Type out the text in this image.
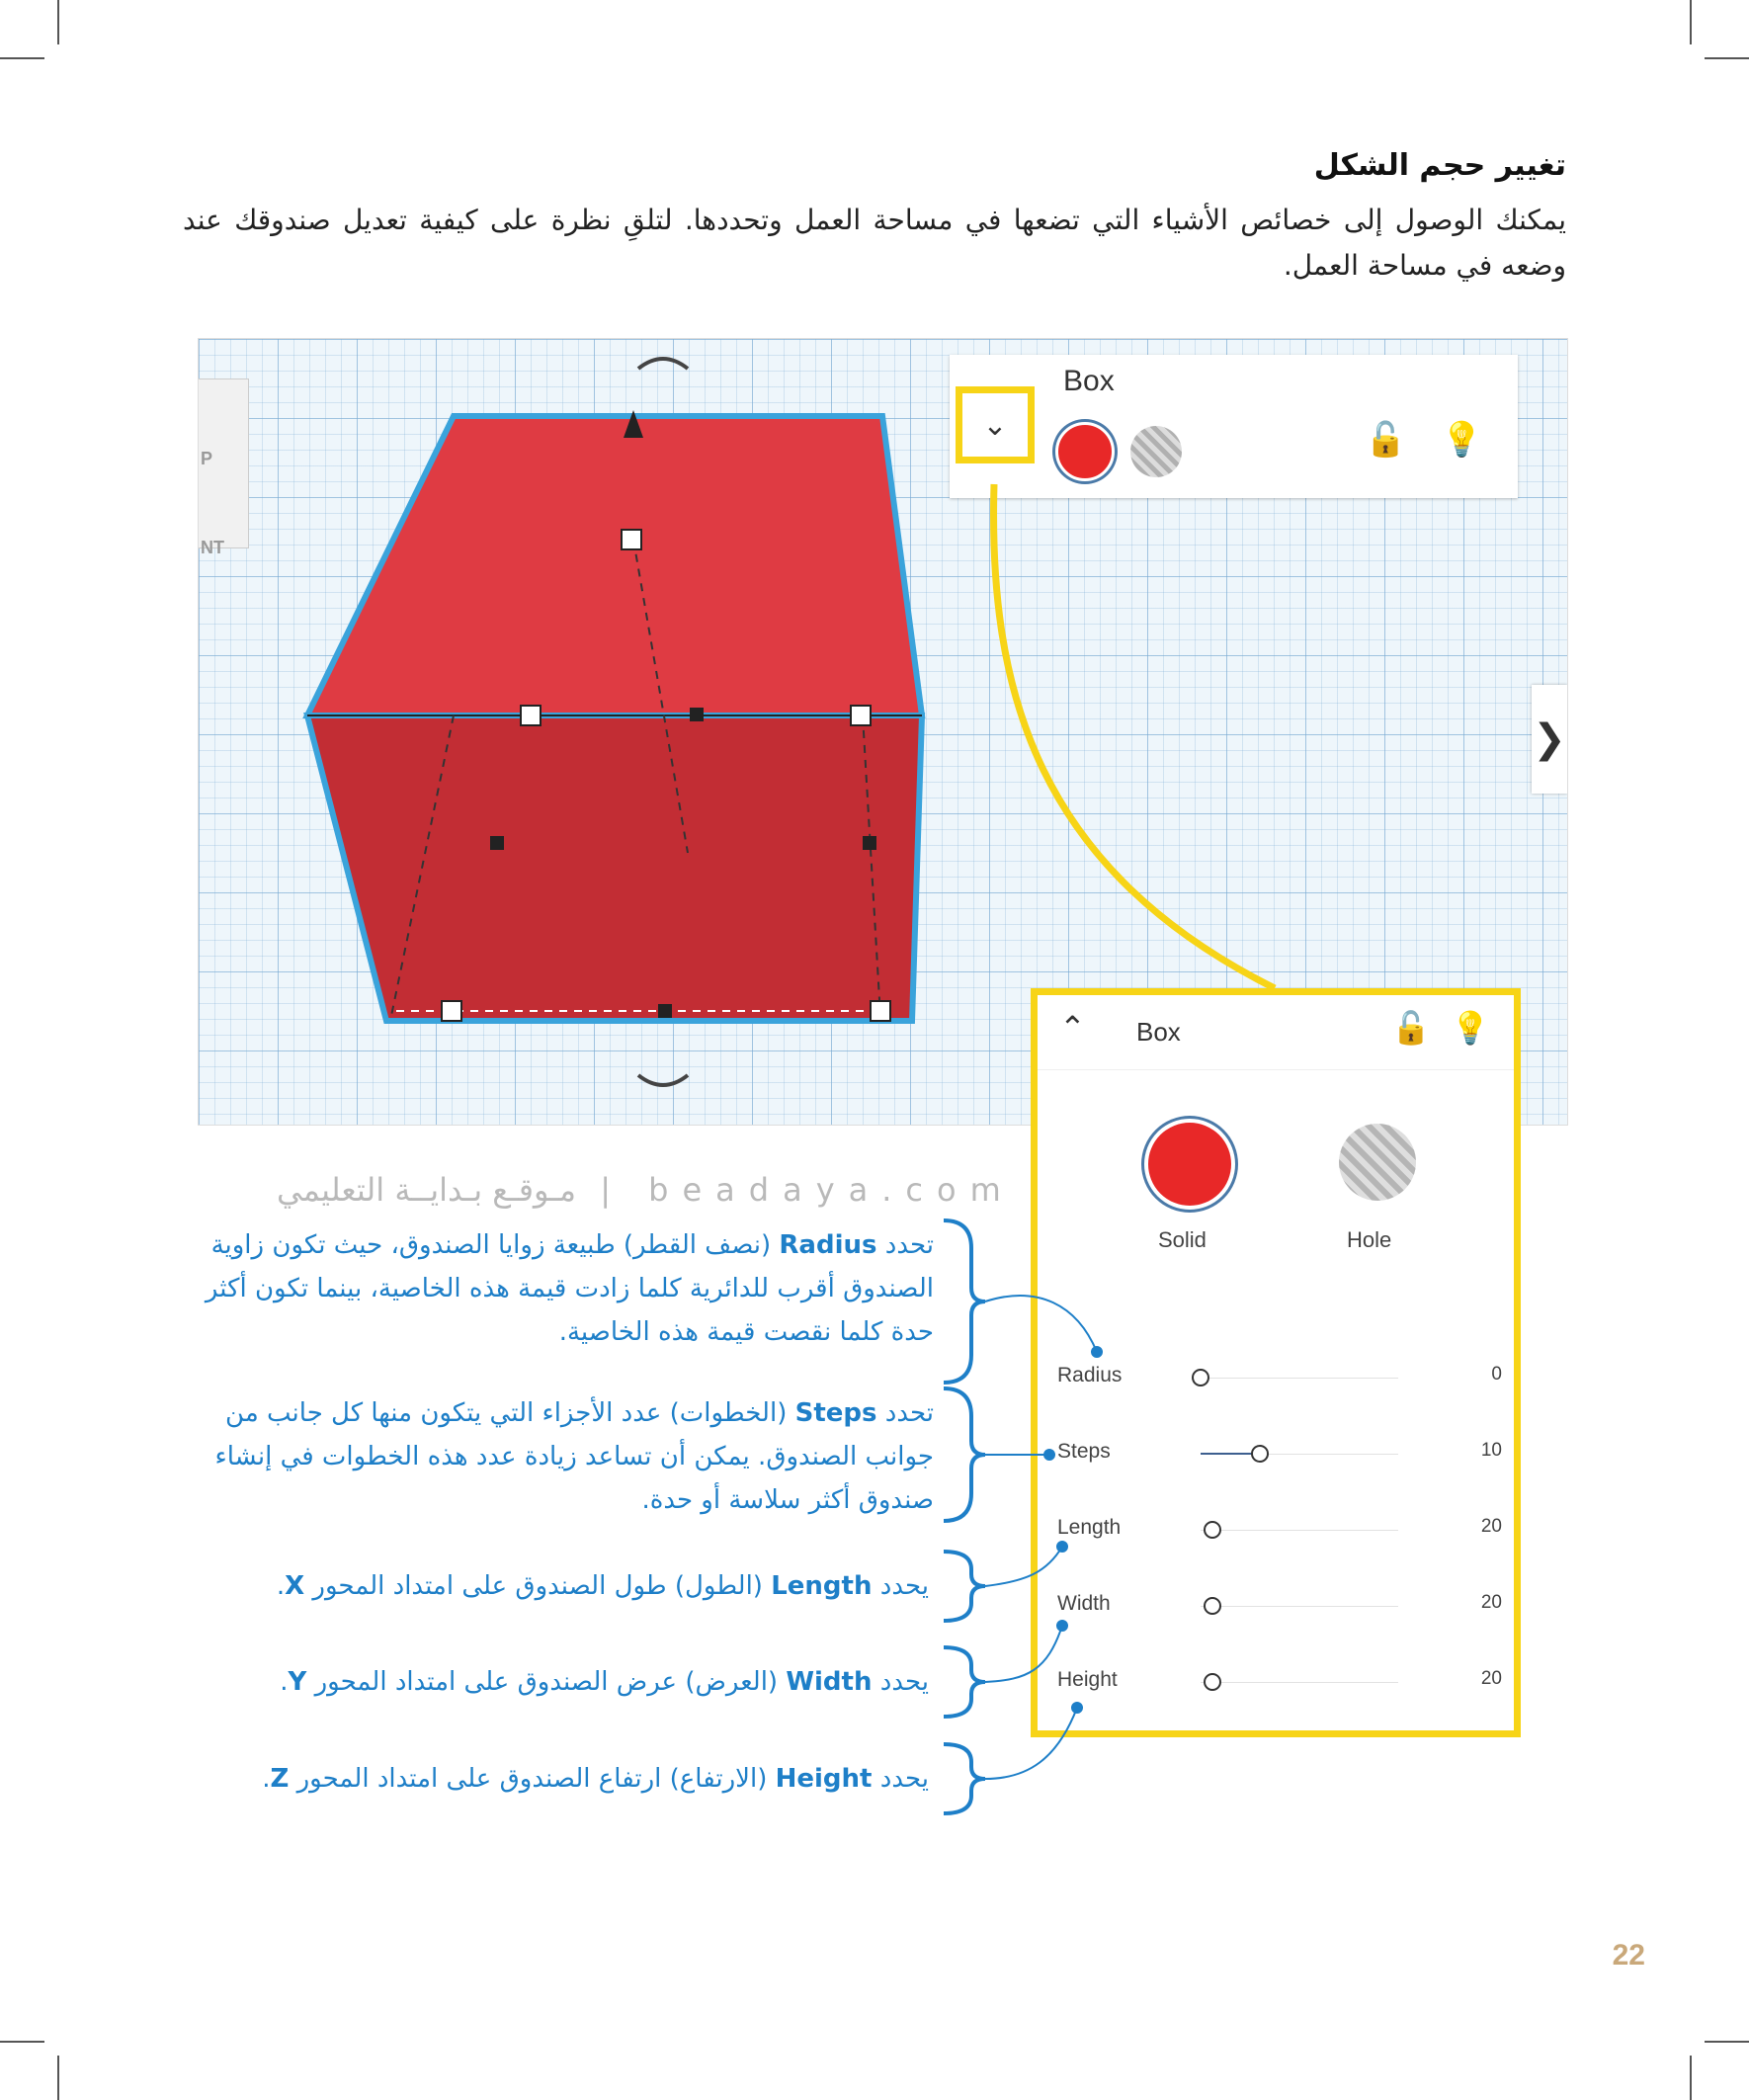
تغيير حجم الشكل
يمكنك الوصول إلى خصائص الأشياء التي تضعها في مساحة العمل وتحددها. لتلقِ نظرة على كيفية تعديل صندوقك عند وضعه في مساحة العمل.
P
NT
Box
⌄	🔓 💡
❯
⌃ Box	🔓 💡
Solid	Hole
Radius	0
Steps	10
Length	20
Width	20
Height	20
تحدد Radius (نصف القطر) طبيعة زوايا الصندوق، حيث تكون زاوية الصندوق أقرب للدائرية كلما زادت قيمة هذه الخاصية، بينما تكون أكثر حدة كلما نقصت قيمة هذه الخاصية.
تحدد Steps (الخطوات) عدد الأجزاء التي يتكون منها كل جانب من جوانب الصندوق. يمكن أن تساعد زيادة عدد هذه الخطوات في إنشاء صندوق أكثر سلاسة أو حدة.
يحدد Length (الطول) طول الصندوق على امتداد المحور X.
يحدد Width (العرض) عرض الصندوق على امتداد المحور Y.
يحدد Height (الارتفاع) ارتفاع الصندوق على امتداد المحور Z.
beadaya.com | مـوقـع بـدايــة التعليمي
22
